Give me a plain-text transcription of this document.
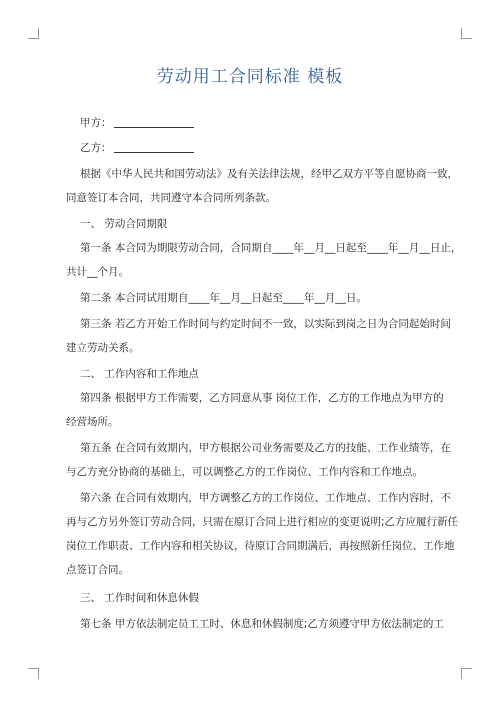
劳动用工合同标准 模板
甲方：
乙方：
根据《中华人民共和国劳动法》及有关法律法规，经甲乙双方平等自愿协商一致，
同意签订本合同，共同遵守本合同所列条款。
一、 劳动合同期限
第一条 本合同为期限劳动合同，合同期自____年__月__日起至____年__月__日止，
共计__个月。
第二条 本合同试用期自____年__月__日起至____年__月__日。
第三条 若乙方开始工作时间与约定时间不一致，以实际到岗之日为合同起始时间
建立劳动关系。
二、 工作内容和工作地点
第四条 根据甲方工作需要，乙方同意从事 岗位工作，乙方的工作地点为甲方的
经营场所。
第五条 在合同有效期内，甲方根据公司业务需要及乙方的技能、工作业绩等，在
与乙方充分协商的基础上，可以调整乙方的工作岗位、工作内容和工作地点。
第六条 在合同有效期内，甲方调整乙方的工作岗位、工作地点、工作内容时，不
再与乙方另外签订劳动合同，只需在原订合同上进行相应的变更说明;乙方应履行新任
岗位工作职责、工作内容和相关协议，待原订合同期满后，再按照新任岗位、工作地
点签订合同。
三、 工作时间和休息休假
第七条 甲方依法制定员工工时、休息和休假制度;乙方须遵守甲方依法制定的工
